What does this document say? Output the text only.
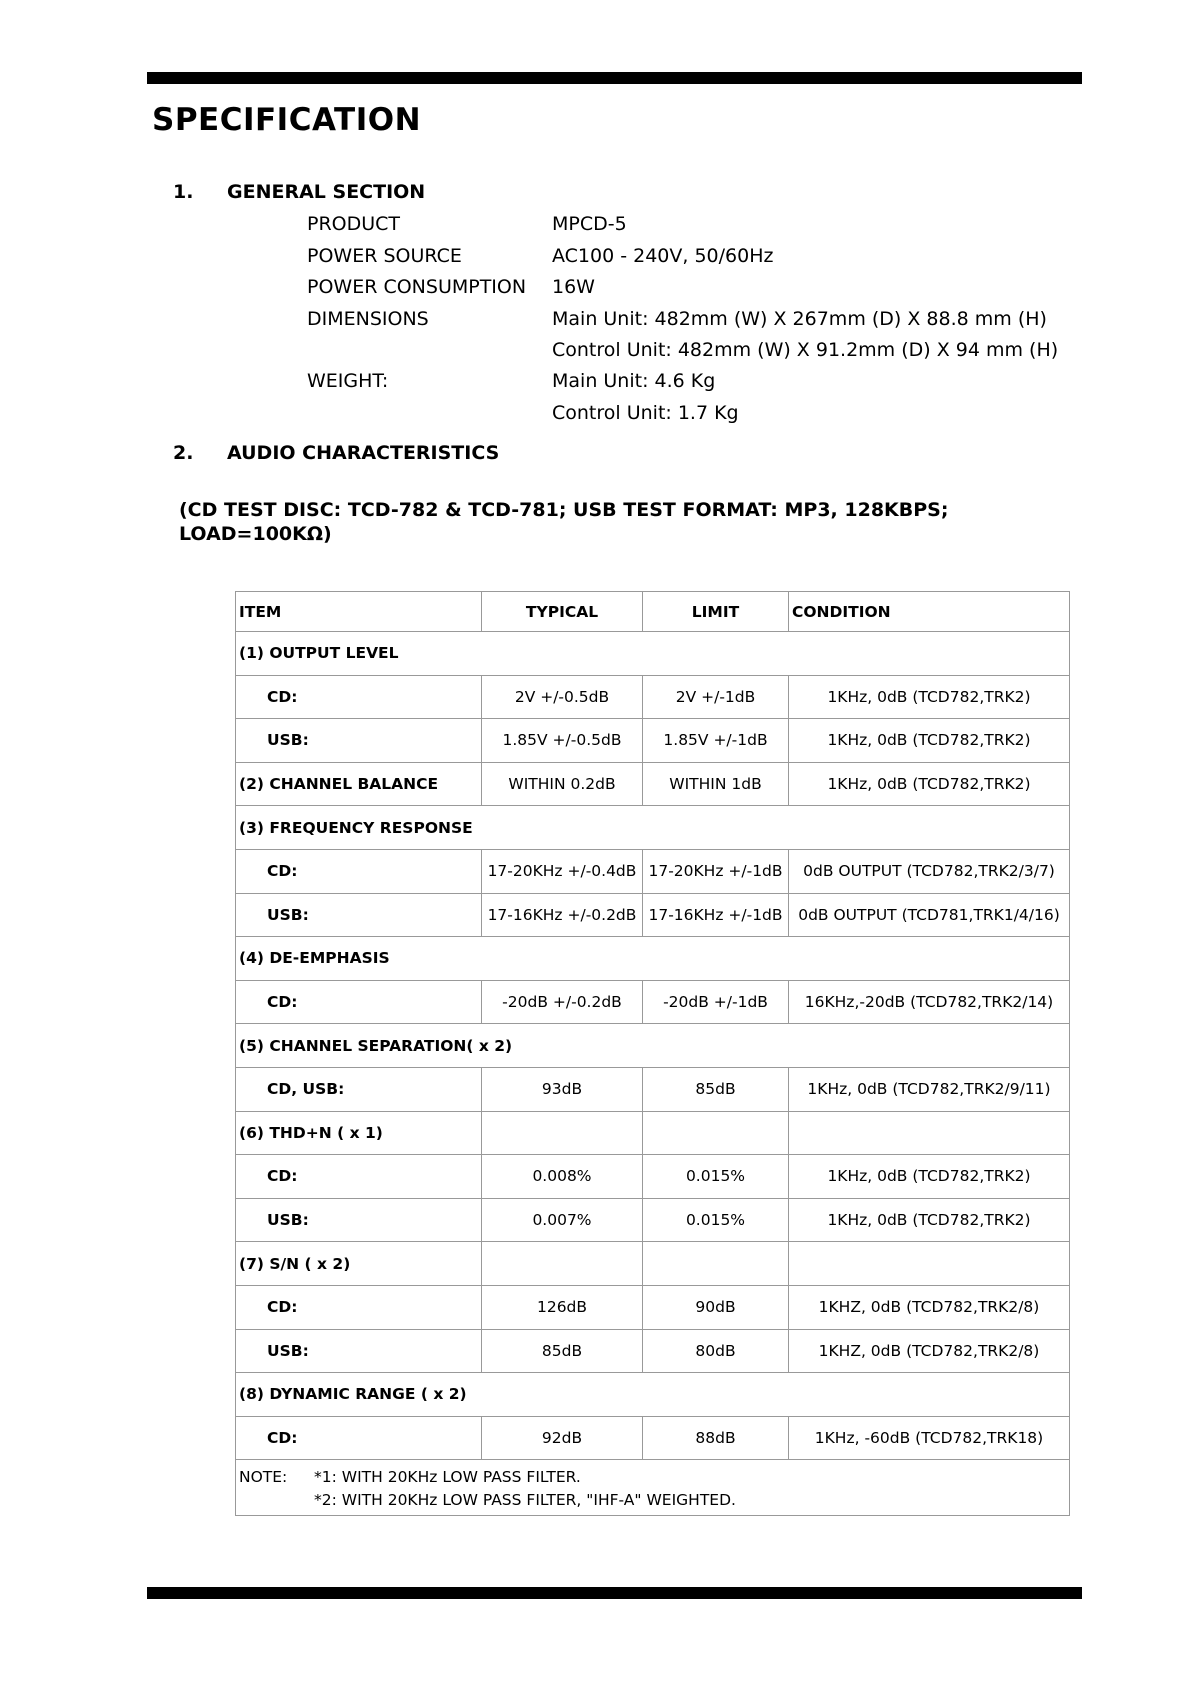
SPECIFICATION
1. GENERAL SECTION
PRODUCT	MPCD-5
POWER SOURCE	AC100 - 240V, 50/60Hz
POWER CONSUMPTION 16W
DIMENSIONS	Main Unit: 482mm (W) X 267mm (D) X 88.8 mm (H)
Control Unit: 482mm (W) X 91.2mm (D) X 94 mm (H)
WEIGHT:	Main Unit: 4.6 Kg
Control Unit: 1.7 Kg
2. AUDIO CHARACTERISTICS
(CD TEST DISC: TCD-782 & TCD-781; USB TEST FORMAT: MP3, 128KBPS;
LOAD=100KΩ)
ITEM	TYPICAL	LIMIT	CONDITION
(1) OUTPUT LEVEL			
CD:	2V +/-0.5dB	2V +/-1dB	1KHz, 0dB (TCD782,TRK2)
USB:	1.85V +/-0.5dB	1.85V +/-1dB	1KHz, 0dB (TCD782,TRK2)
(2) CHANNEL BALANCE	WITHIN 0.2dB	WITHIN 1dB	1KHz, 0dB (TCD782,TRK2)
(3) FREQUENCY RESPONSE			
CD:	17-20KHz +/-0.4dB	17-20KHz +/-1dB	0dB OUTPUT (TCD782,TRK2/3/7)
USB:	17-16KHz +/-0.2dB	17-16KHz +/-1dB	0dB OUTPUT (TCD781,TRK1/4/16)
(4) DE-EMPHASIS			
CD:	-20dB +/-0.2dB	-20dB +/-1dB	16KHz,-20dB (TCD782,TRK2/14)
(5) CHANNEL SEPARATION( x 2)			
CD, USB:	93dB	85dB	1KHz, 0dB (TCD782,TRK2/9/11)
(6) THD+N ( x 1)			
CD:	0.008%	0.015%	1KHz, 0dB (TCD782,TRK2)
USB:	0.007%	0.015%	1KHz, 0dB (TCD782,TRK2)
(7) S/N ( x 2)			
CD:	126dB	90dB	1KHZ, 0dB (TCD782,TRK2/8)
USB:	85dB	80dB	1KHZ, 0dB (TCD782,TRK2/8)
(8) DYNAMIC RANGE ( x 2)			
CD:	92dB	88dB	1KHz, -60dB (TCD782,TRK18)

NOTE: *1: WITH 20KHz LOW PASS FILTER.
*2: WITH 20KHz LOW PASS FILTER, "IHF-A" WEIGHTED.			
